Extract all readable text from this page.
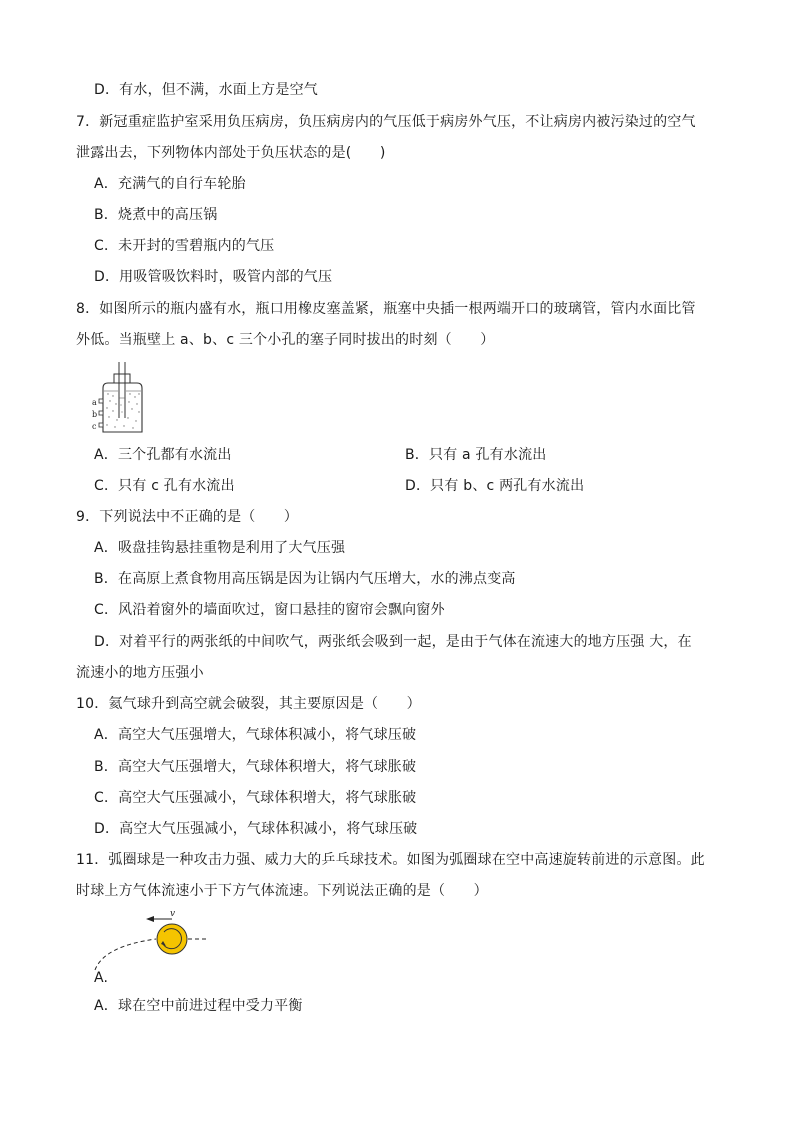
D．有水，但不满，水面上方是空气
7．新冠重症监护室采用负压病房，负压病房内的气压低于病房外气压，不让病房内被污染过的空气
泄露出去，下列物体内部处于负压状态的是(　　)
A．充满气的自行车轮胎
B．烧煮中的高压锅
C．未开封的雪碧瓶内的气压
D．用吸管吸饮料时，吸管内部的气压
8．如图所示的瓶内盛有水，瓶口用橡皮塞盖紧，瓶塞中央插一根两端开口的玻璃管，管内水面比管
外低。当瓶壁上 a、b、c 三个小孔的塞子同时拔出的时刻（　　）
a
b
c
A．三个孔都有水流出	B．只有 a 孔有水流出
C．只有 c 孔有水流出	D．只有 b、c 两孔有水流出
9．下列说法中不正确的是（　　）
A．吸盘挂钩悬挂重物是利用了大气压强
B．在高原上煮食物用高压锅是因为让锅内气压增大，水的沸点变高
C．风沿着窗外的墙面吹过，窗口悬挂的窗帘会飘向窗外
D．对着平行的两张纸的中间吹气，两张纸会吸到一起，是由于气体在流速大的地方压强 大，在
流速小的地方压强小
10．氦气球升到高空就会破裂，其主要原因是（　　）
A．高空大气压强增大，气球体积减小，将气球压破
B．高空大气压强增大，气球体积增大，将气球胀破
C．高空大气压强减小，气球体积增大，将气球胀破
D．高空大气压强减小，气球体积减小，将气球压破
11．弧圈球是一种攻击力强、威力大的乒乓球技术。如图为弧圈球在空中高速旋转前进的示意图。此
时球上方气体流速小于下方气体流速。下列说法正确的是（　　）
v
A.
A．球在空中前进过程中受力平衡
